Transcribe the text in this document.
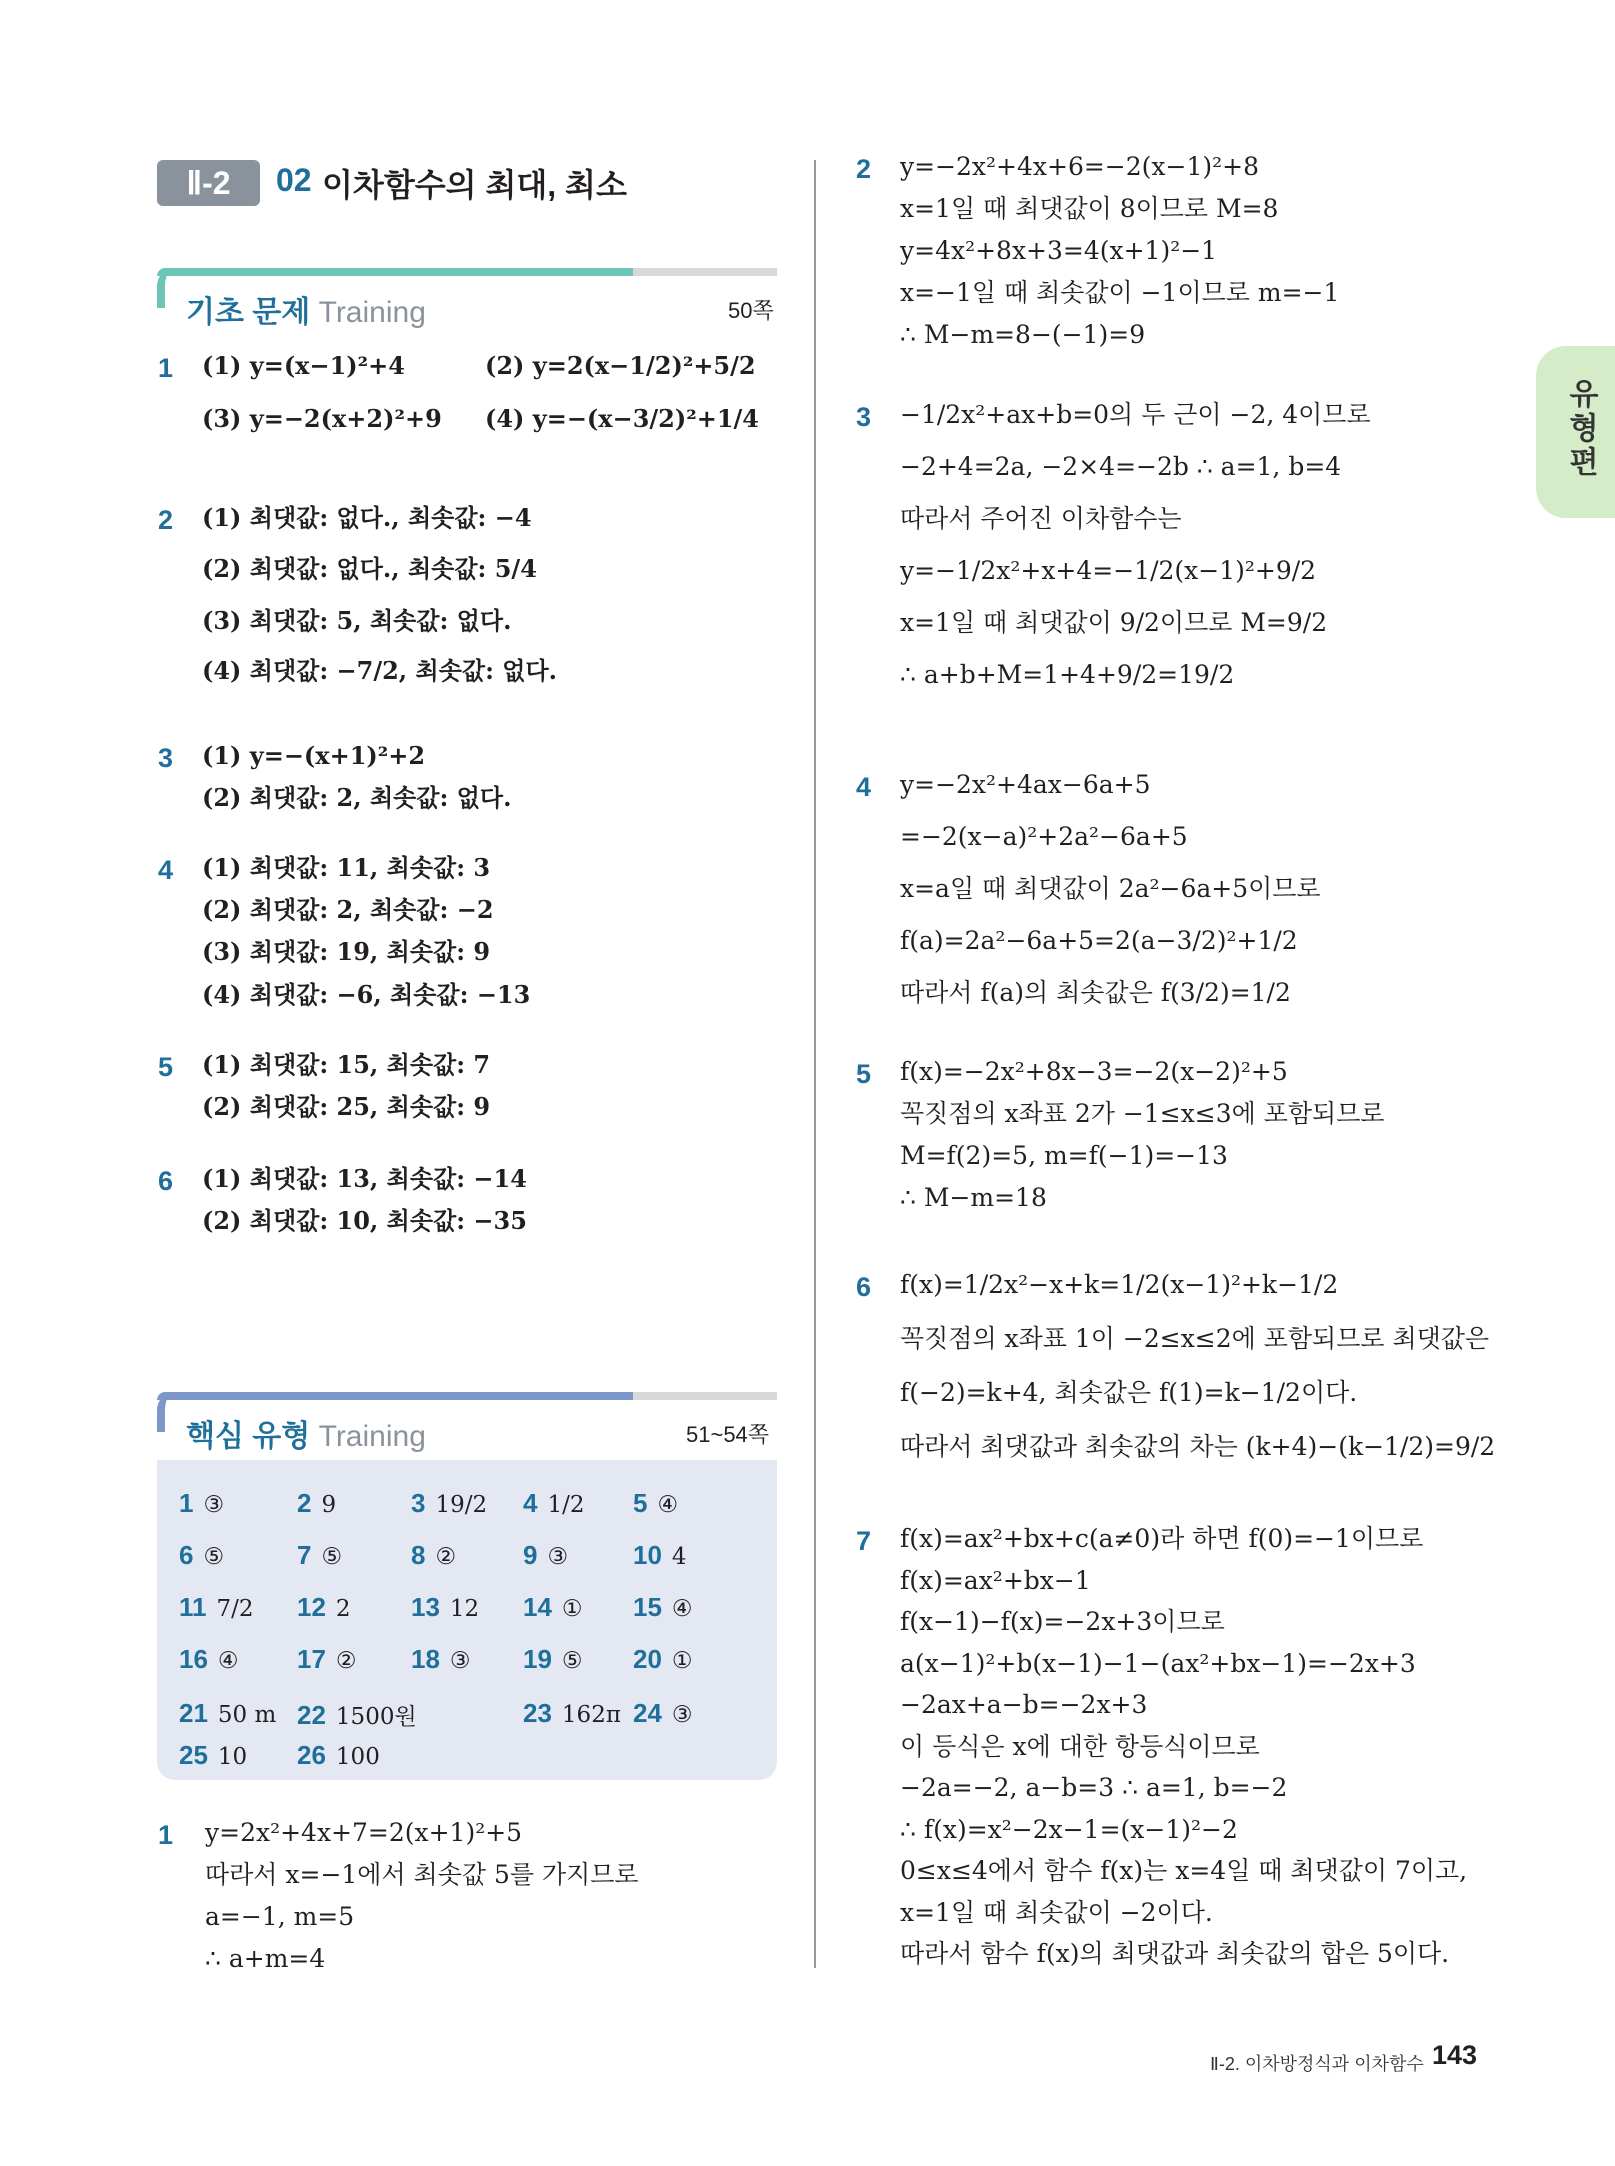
Ⅱ-2	02 이차함수의 최대, 최소
유형편
기초 문제 Training	50쪽
1 (1) y=(x−1)²+4	(2) y=2(x−1/2)²+5/2
(3) y=−2(x+2)²+9 (4) y=−(x−3/2)²+1/4
2 (1) 최댓값: 없다., 최솟값: −4
(2) 최댓값: 없다., 최솟값: 5/4
(3) 최댓값: 5, 최솟값: 없다.
(4) 최댓값: −7/2, 최솟값: 없다.
3 (1) y=−(x+1)²+2
(2) 최댓값: 2, 최솟값: 없다.
4 (1) 최댓값: 11, 최솟값: 3
(2) 최댓값: 2, 최솟값: −2
(3) 최댓값: 19, 최솟값: 9
(4) 최댓값: −6, 최솟값: −13
5 (1) 최댓값: 15, 최솟값: 7
(2) 최댓값: 25, 최솟값: 9
6 (1) 최댓값: 13, 최솟값: −14
(2) 최댓값: 10, 최솟값: −35
핵심 유형 Training	51~54쪽
1 ③	2 9	3 19/2 4 1/2 5 ④
6 ⑤	7 ⑤	8 ②	9 ③ 10 4
11 7/2 12 2 13 12 14 ① 15 ④
16 ④ 17 ② 18 ③ 19 ⑤ 20 ①
21 50 m 22 1500원	23 162π 24 ③
25 10 26 100
1 y=2x²+4x+7=2(x+1)²+5
따라서 x=−1에서 최솟값 5를 가지므로
a=−1, m=5
∴ a+m=4
2 y=−2x²+4x+6=−2(x−1)²+8
x=1일 때 최댓값이 8이므로 M=8
y=4x²+8x+3=4(x+1)²−1
x=−1일 때 최솟값이 −1이므로 m=−1
∴ M−m=8−(−1)=9
3 −1/2x²+ax+b=0의 두 근이 −2, 4이므로
−2+4=2a, −2×4=−2b ∴ a=1, b=4
따라서 주어진 이차함수는
y=−1/2x²+x+4=−1/2(x−1)²+9/2
x=1일 때 최댓값이 9/2이므로 M=9/2
∴ a+b+M=1+4+9/2=19/2
4 y=−2x²+4ax−6a+5
=−2(x−a)²+2a²−6a+5
x=a일 때 최댓값이 2a²−6a+5이므로
f(a)=2a²−6a+5=2(a−3/2)²+1/2
따라서 f(a)의 최솟값은 f(3/2)=1/2
5 f(x)=−2x²+8x−3=−2(x−2)²+5
꼭짓점의 x좌표 2가 −1≤x≤3에 포함되므로
M=f(2)=5, m=f(−1)=−13
∴ M−m=18
6 f(x)=1/2x²−x+k=1/2(x−1)²+k−1/2
꼭짓점의 x좌표 1이 −2≤x≤2에 포함되므로 최댓값은
f(−2)=k+4, 최솟값은 f(1)=k−1/2이다.
따라서 최댓값과 최솟값의 차는 (k+4)−(k−1/2)=9/2
7 f(x)=ax²+bx+c(a≠0)라 하면 f(0)=−1이므로
f(x)=ax²+bx−1
f(x−1)−f(x)=−2x+3이므로
a(x−1)²+b(x−1)−1−(ax²+bx−1)=−2x+3
−2ax+a−b=−2x+3
이 등식은 x에 대한 항등식이므로
−2a=−2, a−b=3 ∴ a=1, b=−2
∴ f(x)=x²−2x−1=(x−1)²−2
0≤x≤4에서 함수 f(x)는 x=4일 때 최댓값이 7이고,
x=1일 때 최솟값이 −2이다.
따라서 함수 f(x)의 최댓값과 최솟값의 합은 5이다.
Ⅱ-2. 이차방정식과 이차함수 143
